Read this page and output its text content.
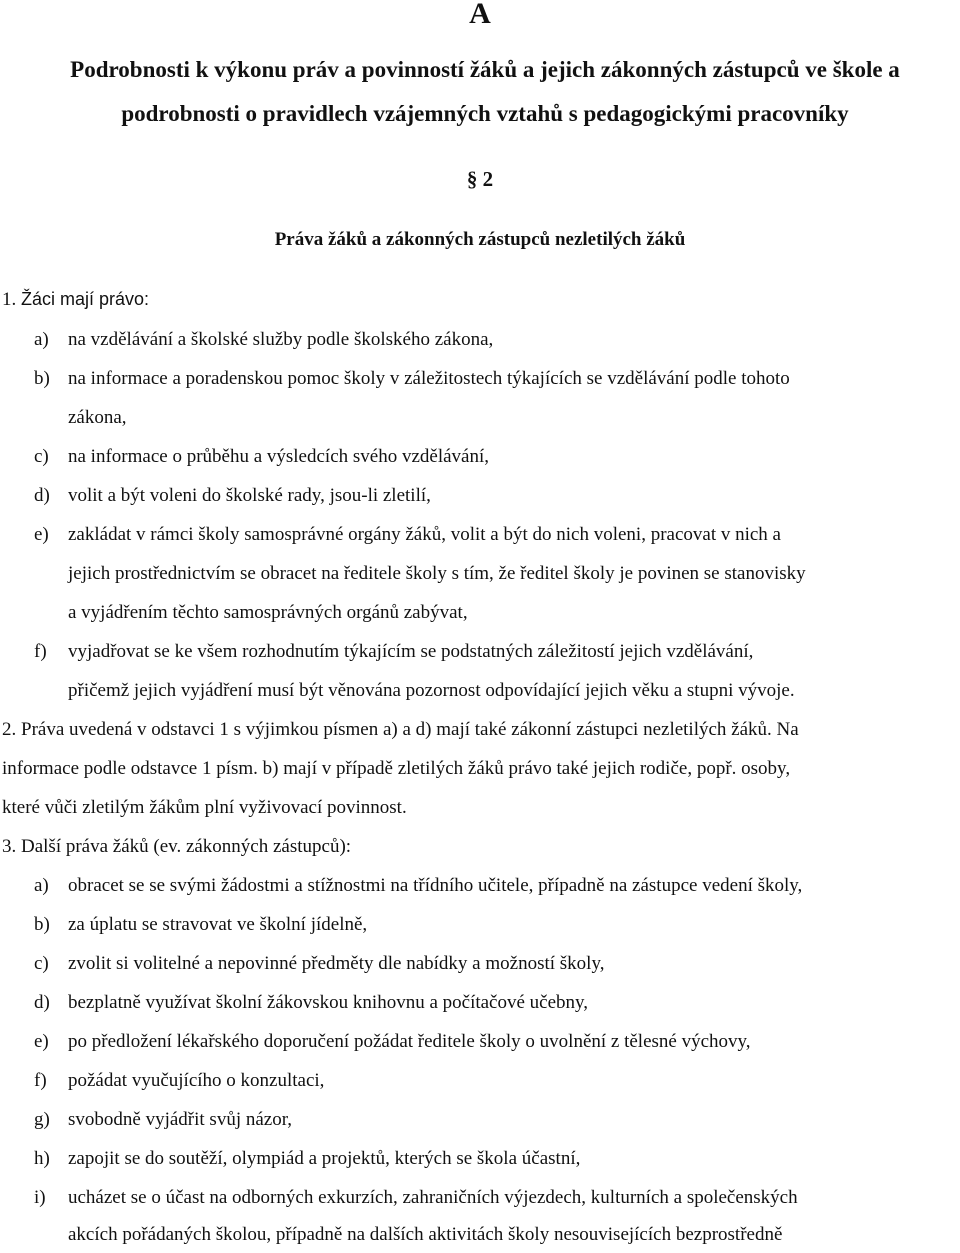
A
Podrobnosti k výkonu práv a povinností žáků a jejich zákonných zástupců ve škole a
podrobnosti o pravidlech vzájemných vztahů s pedagogickými pracovníky
§ 2
Práva žáků a zákonných zástupců nezletilých žáků
1. Žáci mají právo:
a) na vzdělávání a školské služby podle školského zákona,
b) na informace a poradenskou pomoc školy v záležitostech týkajících se vzdělávání podle tohoto
zákona,
c) na informace o průběhu a výsledcích svého vzdělávání,
d) volit a být voleni do školské rady, jsou-li zletilí,
e) zakládat v rámci školy samosprávné orgány žáků, volit a být do nich voleni, pracovat v nich a
jejich prostřednictvím se obracet na ředitele školy s tím, že ředitel školy je povinen se stanovisky
a vyjádřením těchto samosprávných orgánů zabývat,
f) vyjadřovat se ke všem rozhodnutím týkajícím se podstatných záležitostí jejich vzdělávání,
přičemž jejich vyjádření musí být věnována pozornost odpovídající jejich věku a stupni vývoje.
2. Práva uvedená v odstavci 1 s výjimkou písmen a) a d) mají také zákonní zástupci nezletilých žáků. Na
informace podle odstavce 1 písm. b) mají v případě zletilých žáků právo také jejich rodiče, popř. osoby,
které vůči zletilým žákům plní vyživovací povinnost.
3. Další práva žáků (ev. zákonných zástupců):
a) obracet se se svými žádostmi a stížnostmi na třídního učitele, případně na zástupce vedení školy,
b) za úplatu se stravovat ve školní jídelně,
c) zvolit si volitelné a nepovinné předměty dle nabídky a možností školy,
d) bezplatně využívat školní žákovskou knihovnu a počítačové učebny,
e) po předložení lékařského doporučení požádat ředitele školy o uvolnění z tělesné výchovy,
f) požádat vyučujícího o konzultaci,
g) svobodně vyjádřit svůj názor,
h) zapojit se do soutěží, olympiád a projektů, kterých se škola účastní,
i) ucházet se o účast na odborných exkurzích, zahraničních výjezdech, kulturních a společenských
akcích pořádaných školou, případně na dalších aktivitách školy nesouvisejících bezprostředně
